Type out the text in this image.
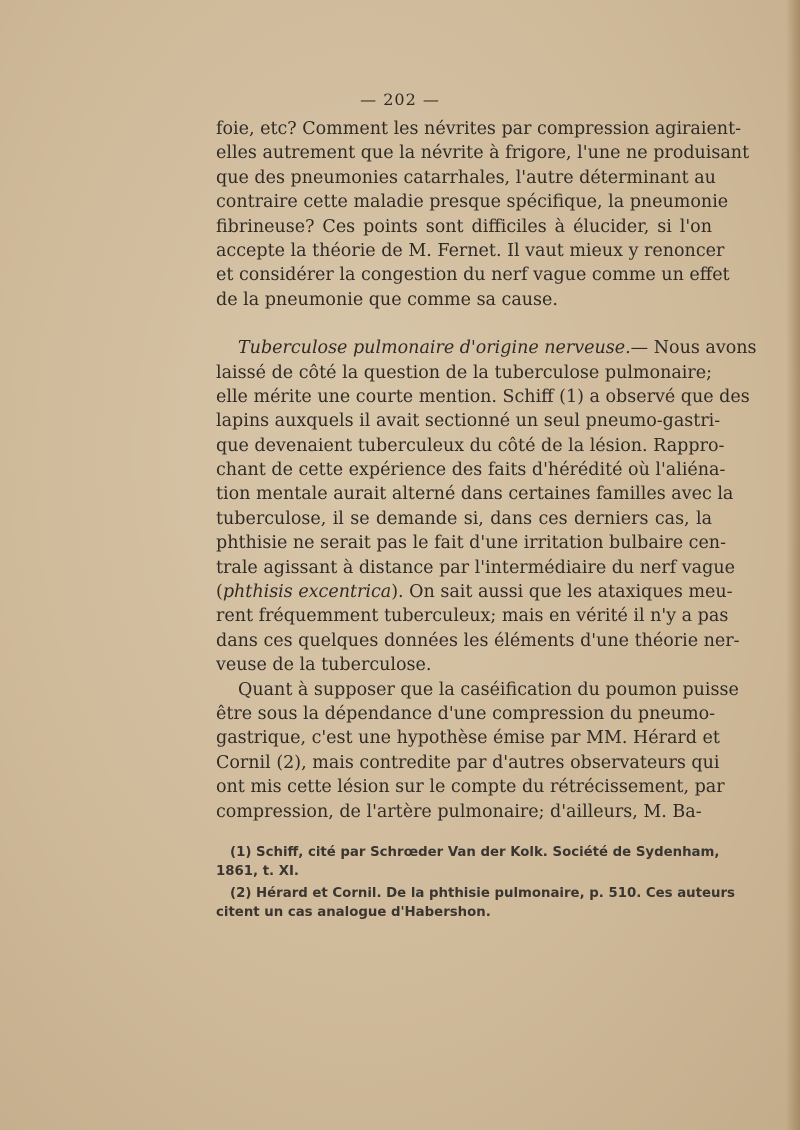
— 202 —
foie, etc? Comment les névrites par compression agiraient-
elles autrement que la névrite à frigore, l'une ne produisant
que des pneumonies catarrhales, l'autre déterminant au
contraire cette maladie presque spécifique, la pneumonie
fibrineuse? Ces points sont difficiles à élucider, si l'on
accepte la théorie de M. Fernet. Il vaut mieux y renoncer
et considérer la congestion du nerf vague comme un effet
de la pneumonie que comme sa cause.
Tuberculose pulmonaire d'origine nerveuse.— Nous avons
laissé de côté la question de la tuberculose pulmonaire;
elle mérite une courte mention. Schiff (1) a observé que des
lapins auxquels il avait sectionné un seul pneumo-gastri-
que devenaient tuberculeux du côté de la lésion. Rappro-
chant de cette expérience des faits d'hérédité où l'aliéna-
tion mentale aurait alterné dans certaines familles avec la
tuberculose, il se demande si, dans ces derniers cas, la
phthisie ne serait pas le fait d'une irritation bulbaire cen-
trale agissant à distance par l'intermédiaire du nerf vague
(phthisis excentrica). On sait aussi que les ataxiques meu-
rent fréquemment tuberculeux; mais en vérité il n'y a pas
dans ces quelques données les éléments d'une théorie ner-
veuse de la tuberculose.
Quant à supposer que la caséification du poumon puisse
être sous la dépendance d'une compression du pneumo-
gastrique, c'est une hypothèse émise par MM. Hérard et
Cornil (2), mais contredite par d'autres observateurs qui
ont mis cette lésion sur le compte du rétrécissement, par
compression, de l'artère pulmonaire; d'ailleurs, M. Ba-
(1) Schiff, cité par Schrœder Van der Kolk. Société de Sydenham,
1861, t. XI.
(2) Hérard et Cornil. De la phthisie pulmonaire, p. 510. Ces auteurs
citent un cas analogue d'Habershon.
